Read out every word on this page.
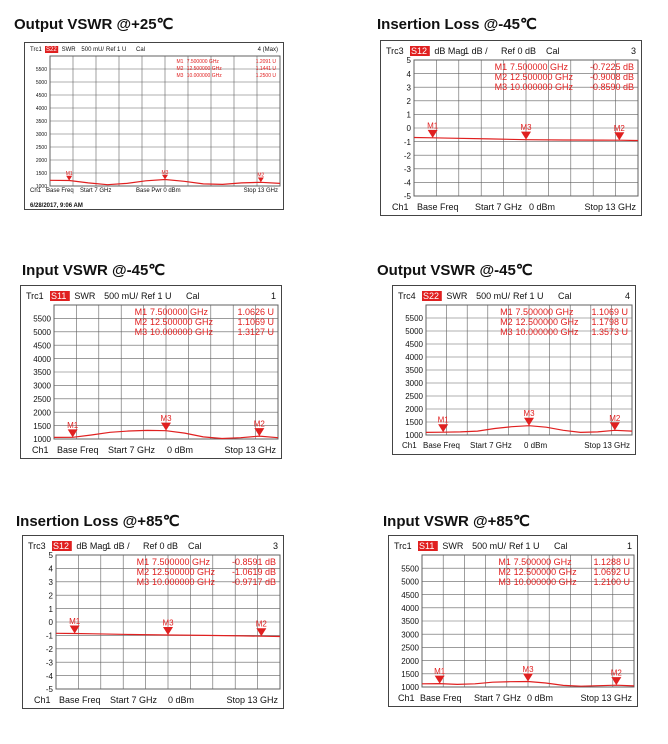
Output VSWR @+25℃
Trc1 S22 SWR 500 mU/ Ref 1 U Cal	4 (Max)
5500
5000
4500
4000
3500
3000
2500
2000
1500
1000
M1	M2
M3
M1 7.500000 GHz	1.2091 U
M2 12.500000 GHz	1.1441 U
M3 10.000000 GHz	1.2500 U
Ch1 Base Freq Start 7 GHz	Base Pwr 0 dBm	Stop 13 GHz
6/28/2017, 9:06 AM
Insertion Loss @-45℃
Trc3 S12 dB Mag
1 dB / Ref 0 dB Cal	3
5
4
3
2
1
0
-1
-2
-3
-4
-5
M1	M2
M3
M1 7.500000 GHz -0.7225 dB
M2 12.500000 GHz -0.9008 dB
M3 10.000000 GHz -0.8590 dB
Ch1 Base Freq Start 7 GHz 0 dBm	Stop 13 GHz
Input VSWR @-45℃
Trc1 S11 SWR 500 mU/ Ref 1 U Cal	1
5500
5000
4500
4000
3500
3000
2500
2000
1500
1000
M1	M2
M3
M1 7.500000 GHz	1.0626 U
M2 12.500000 GHz	1.1069 U
M3 10.000000 GHz	1.3127 U
Ch1 Base Freq Start 7 GHz 0 dBm	Stop 13 GHz
Output VSWR @-45℃
Trc4 S22 SWR 500 mU/ Ref 1 U Cal	4
5500
5000
4500
4000
3500
3000
2500
2000
1500
1000
M1	M2
M3
M1 7.500000 GHz 1.1069 U
M2 12.500000 GHz 1.1798 U
M3 10.000000 GHz 1.3573 U
Ch1 Base Freq Start 7 GHz 0 dBm	Stop 13 GHz
Insertion Loss @+85℃
Trc3 S12 dB Mag
1 dB / Ref 0 dB Cal	3
5
4
3
2
1
0
-1
-2
-3
-4
-5
M1	M2
M3
M1 7.500000 GHz -0.8591 dB
M2 12.500000 GHz -1.0619 dB
M3 10.000000 GHz -0.9717 dB
Ch1 Base Freq Start 7 GHz 0 dBm	Stop 13 GHz
Input VSWR @+85℃
Trc1 S11 SWR 500 mU/ Ref 1 U Cal	1
5500
5000
4500
4000
3500
3000
2500
2000
1500
1000
M1	M2
M3
M1 7.500000 GHz 1.1288 U
M2 12.500000 GHz 1.0692 U
M3 10.000000 GHz 1.2100 U
Ch1 Base Freq Start 7 GHz 0 dBm	Stop 13 GHz
